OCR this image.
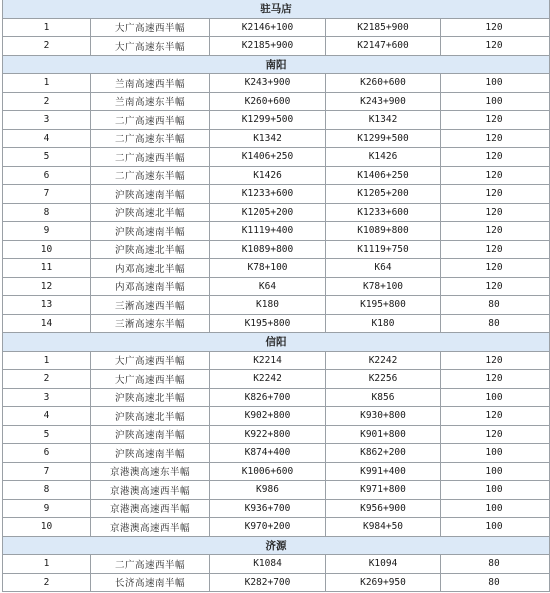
驻马店
1	大广高速西半幅	K2146+100	K2185+900	120
2	大广高速东半幅	K2185+900	K2147+600	120
南阳
1	兰南高速西半幅	K243+900	K260+600	100
2	兰南高速东半幅	K260+600	K243+900	100
3	二广高速西半幅	K1299+500	K1342	120
4	二广高速东半幅	K1342	K1299+500	120
5	二广高速西半幅	K1406+250	K1426	120
6	二广高速东半幅	K1426	K1406+250	120
7	沪陕高速南半幅	K1233+600	K1205+200	120
8	沪陕高速北半幅	K1205+200	K1233+600	120
9	沪陕高速南半幅	K1119+400	K1089+800	120
10	沪陕高速北半幅	K1089+800	K1119+750	120
11	内邓高速北半幅	K78+100	K64	120
12	内邓高速南半幅	K64	K78+100	120
13	三淅高速西半幅	K180	K195+800	80
14	三淅高速东半幅	K195+800	K180	80
信阳
1	大广高速西半幅	K2214	K2242	120
2	大广高速西半幅	K2242	K2256	120
3	沪陕高速北半幅	K826+700	K856	100
4	沪陕高速北半幅	K902+800	K930+800	120
5	沪陕高速南半幅	K922+800	K901+800	120
6	沪陕高速南半幅	K874+400	K862+200	100
7	京港澳高速东半幅	K1006+600	K991+400	100
8	京港澳高速西半幅	K986	K971+800	100
9	京港澳高速西半幅	K936+700	K956+900	100
10	京港澳高速西半幅	K970+200	K984+50	100
济源
1	二广高速西半幅	K1084	K1094	80
2	长济高速南半幅	K282+700	K269+950	80
